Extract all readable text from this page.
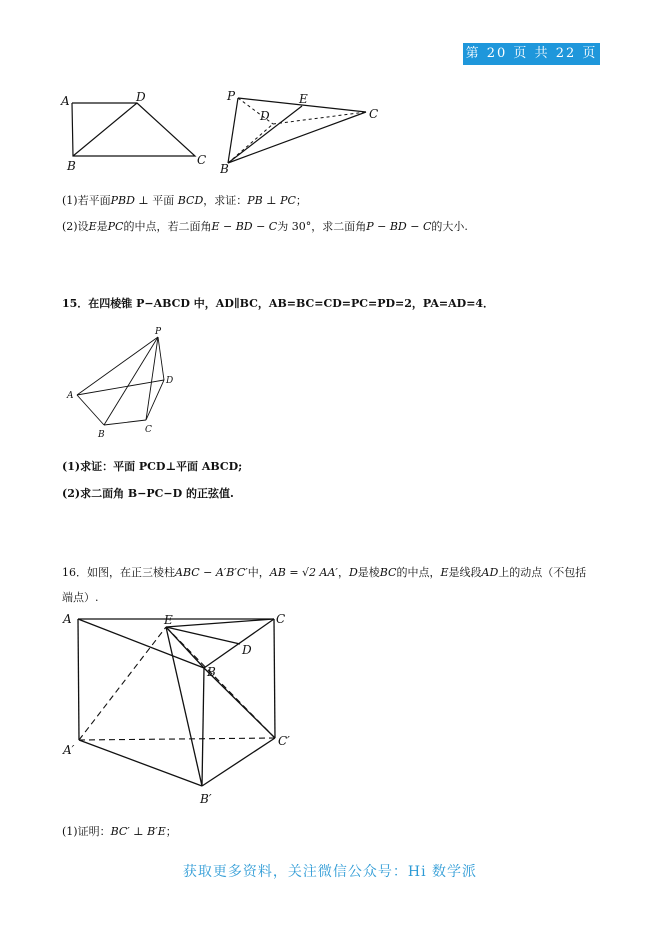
第 20 页 共 22 页
A	D
B	C
P	E
D	C
B
(1)若平面PBD ⊥ 平面 BCD，求证：PB ⊥ PC；
(2)设E是PC的中点，若二面角E − BD − C为 30°，求二面角P − BD − C的大小.
15．在四棱锥 P−ABCD 中，AD∥BC，AB=BC=CD=PC=PD=2，PA=AD=4．
P
A
D
B	C
(1)求证：平面 PCD⊥平面 ABCD;
(2)求二面角 B−PC−D 的正弦值.
16．如图，在正三棱柱ABC − A′B′C′中，AB = √2 AA′，D是棱BC的中点，E是线段AD上的动点（不包括
端点）.
A	E	C
D
B
A′
C′
B′
(1)证明：BC′ ⊥ B′E；
获取更多资料，关注微信公众号：Hi 数学派
